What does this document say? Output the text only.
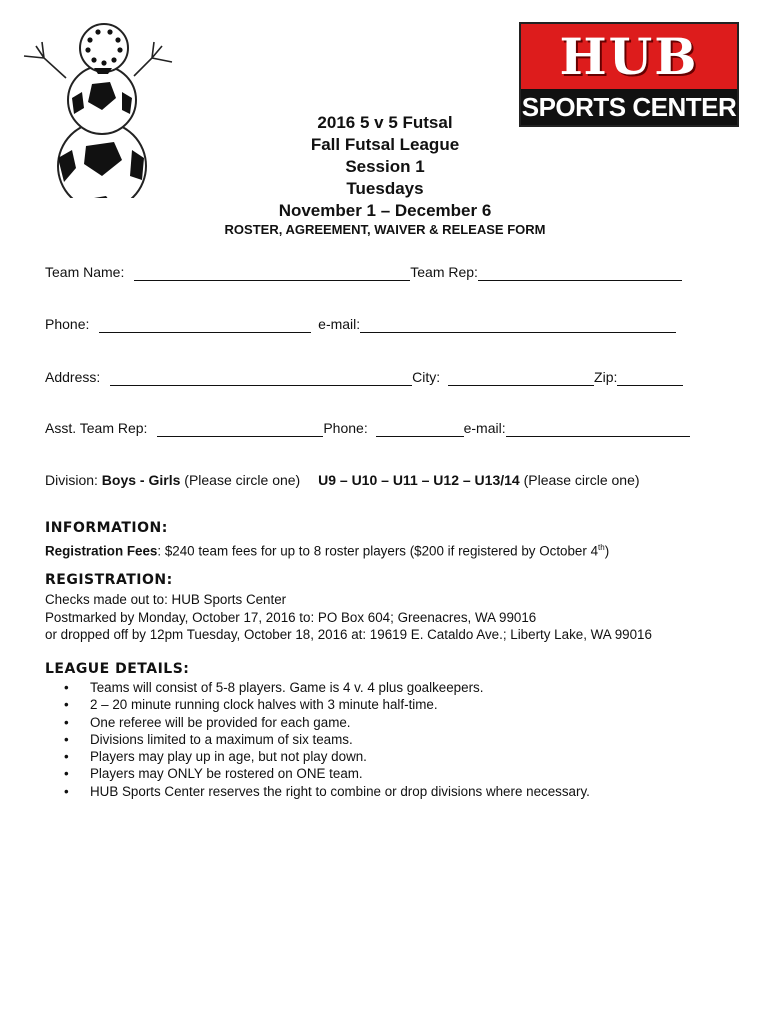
HUB
SPORTS CENTER
2016 5 v 5 Futsal
Fall Futsal League
Session 1
Tuesdays
November 1 – December 6
ROSTER, AGREEMENT, WAIVER & RELEASE FORM
Team Name:	Team Rep:
Phone:	e-mail:
Address:	City:	Zip:
Asst. Team Rep:	Phone:	e-mail:
Division: Boys - Girls (Please circle one) U9 – U10 – U11 – U12 – U13/14 (Please circle one)
INFORMATION:
Registration Fees: $240 team fees for up to 8 roster players ($200 if registered by October 4th)
REGISTRATION:
Checks made out to: HUB Sports Center
Postmarked by Monday, October 17, 2016 to: PO Box 604; Greenacres, WA 99016
or dropped off by 12pm Tuesday, October 18, 2016 at: 19619 E. Cataldo Ave.; Liberty Lake, WA 99016
LEAGUE DETAILS:
• Teams will consist of 5-8 players. Game is 4 v. 4 plus goalkeepers.
• 2 – 20 minute running clock halves with 3 minute half-time.
• One referee will be provided for each game.
• Divisions limited to a maximum of six teams.
• Players may play up in age, but not play down.
• Players may ONLY be rostered on ONE team.
• HUB Sports Center reserves the right to combine or drop divisions where necessary.
